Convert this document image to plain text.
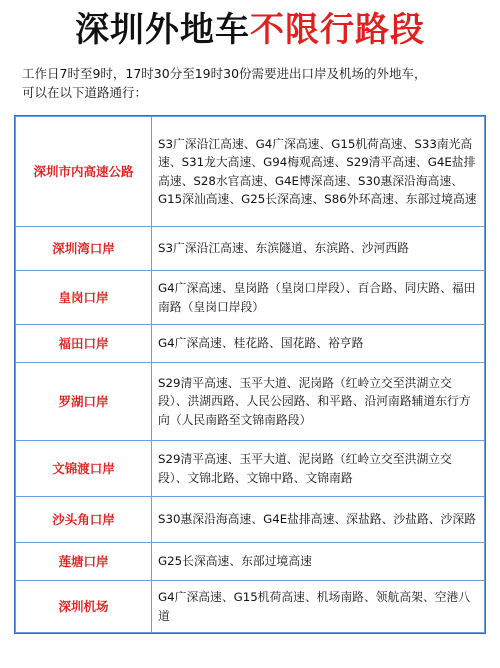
深圳外地车不限行路段
工作日7时至9时，17时30分至19时30份需要进出口岸及机场的外地车，
可以在以下道路通行：
深圳市内高速公路	S3广深沿江高速、G4广深高速、G15机荷高速、S33南光高速、S31龙大高速、G94梅观高速、S29清平高速、G4E盐排高速、S28水官高速、G4E博深高速、S30惠深沿海高速、G15深汕高速、G25长深高速、S86外环高速、东部过境高速
深圳湾口岸	S3广深沿江高速、东滨隧道、东滨路、沙河西路
皇岗口岸	G4广深高速、皇岗路（皇岗口岸段）、百合路、同庆路、福田南路（皇岗口岸段）
福田口岸	G4广深高速、桂花路、国花路、裕亨路
罗湖口岸	S29清平高速、玉平大道、泥岗路（红岭立交至洪湖立交段）、洪湖西路、人民公园路、和平路、沿河南路辅道东行方向（人民南路至文锦南路段）
文锦渡口岸	S29清平高速、玉平大道、泥岗路（红岭立交至洪湖立交段）、文锦北路、文锦中路、文锦南路
沙头角口岸	S30惠深沿海高速、G4E盐排高速、深盐路、沙盐路、沙深路
莲塘口岸	G25长深高速、东部过境高速
深圳机场	G4广深高速、G15机荷高速、机场南路、领航高架、空港八道
